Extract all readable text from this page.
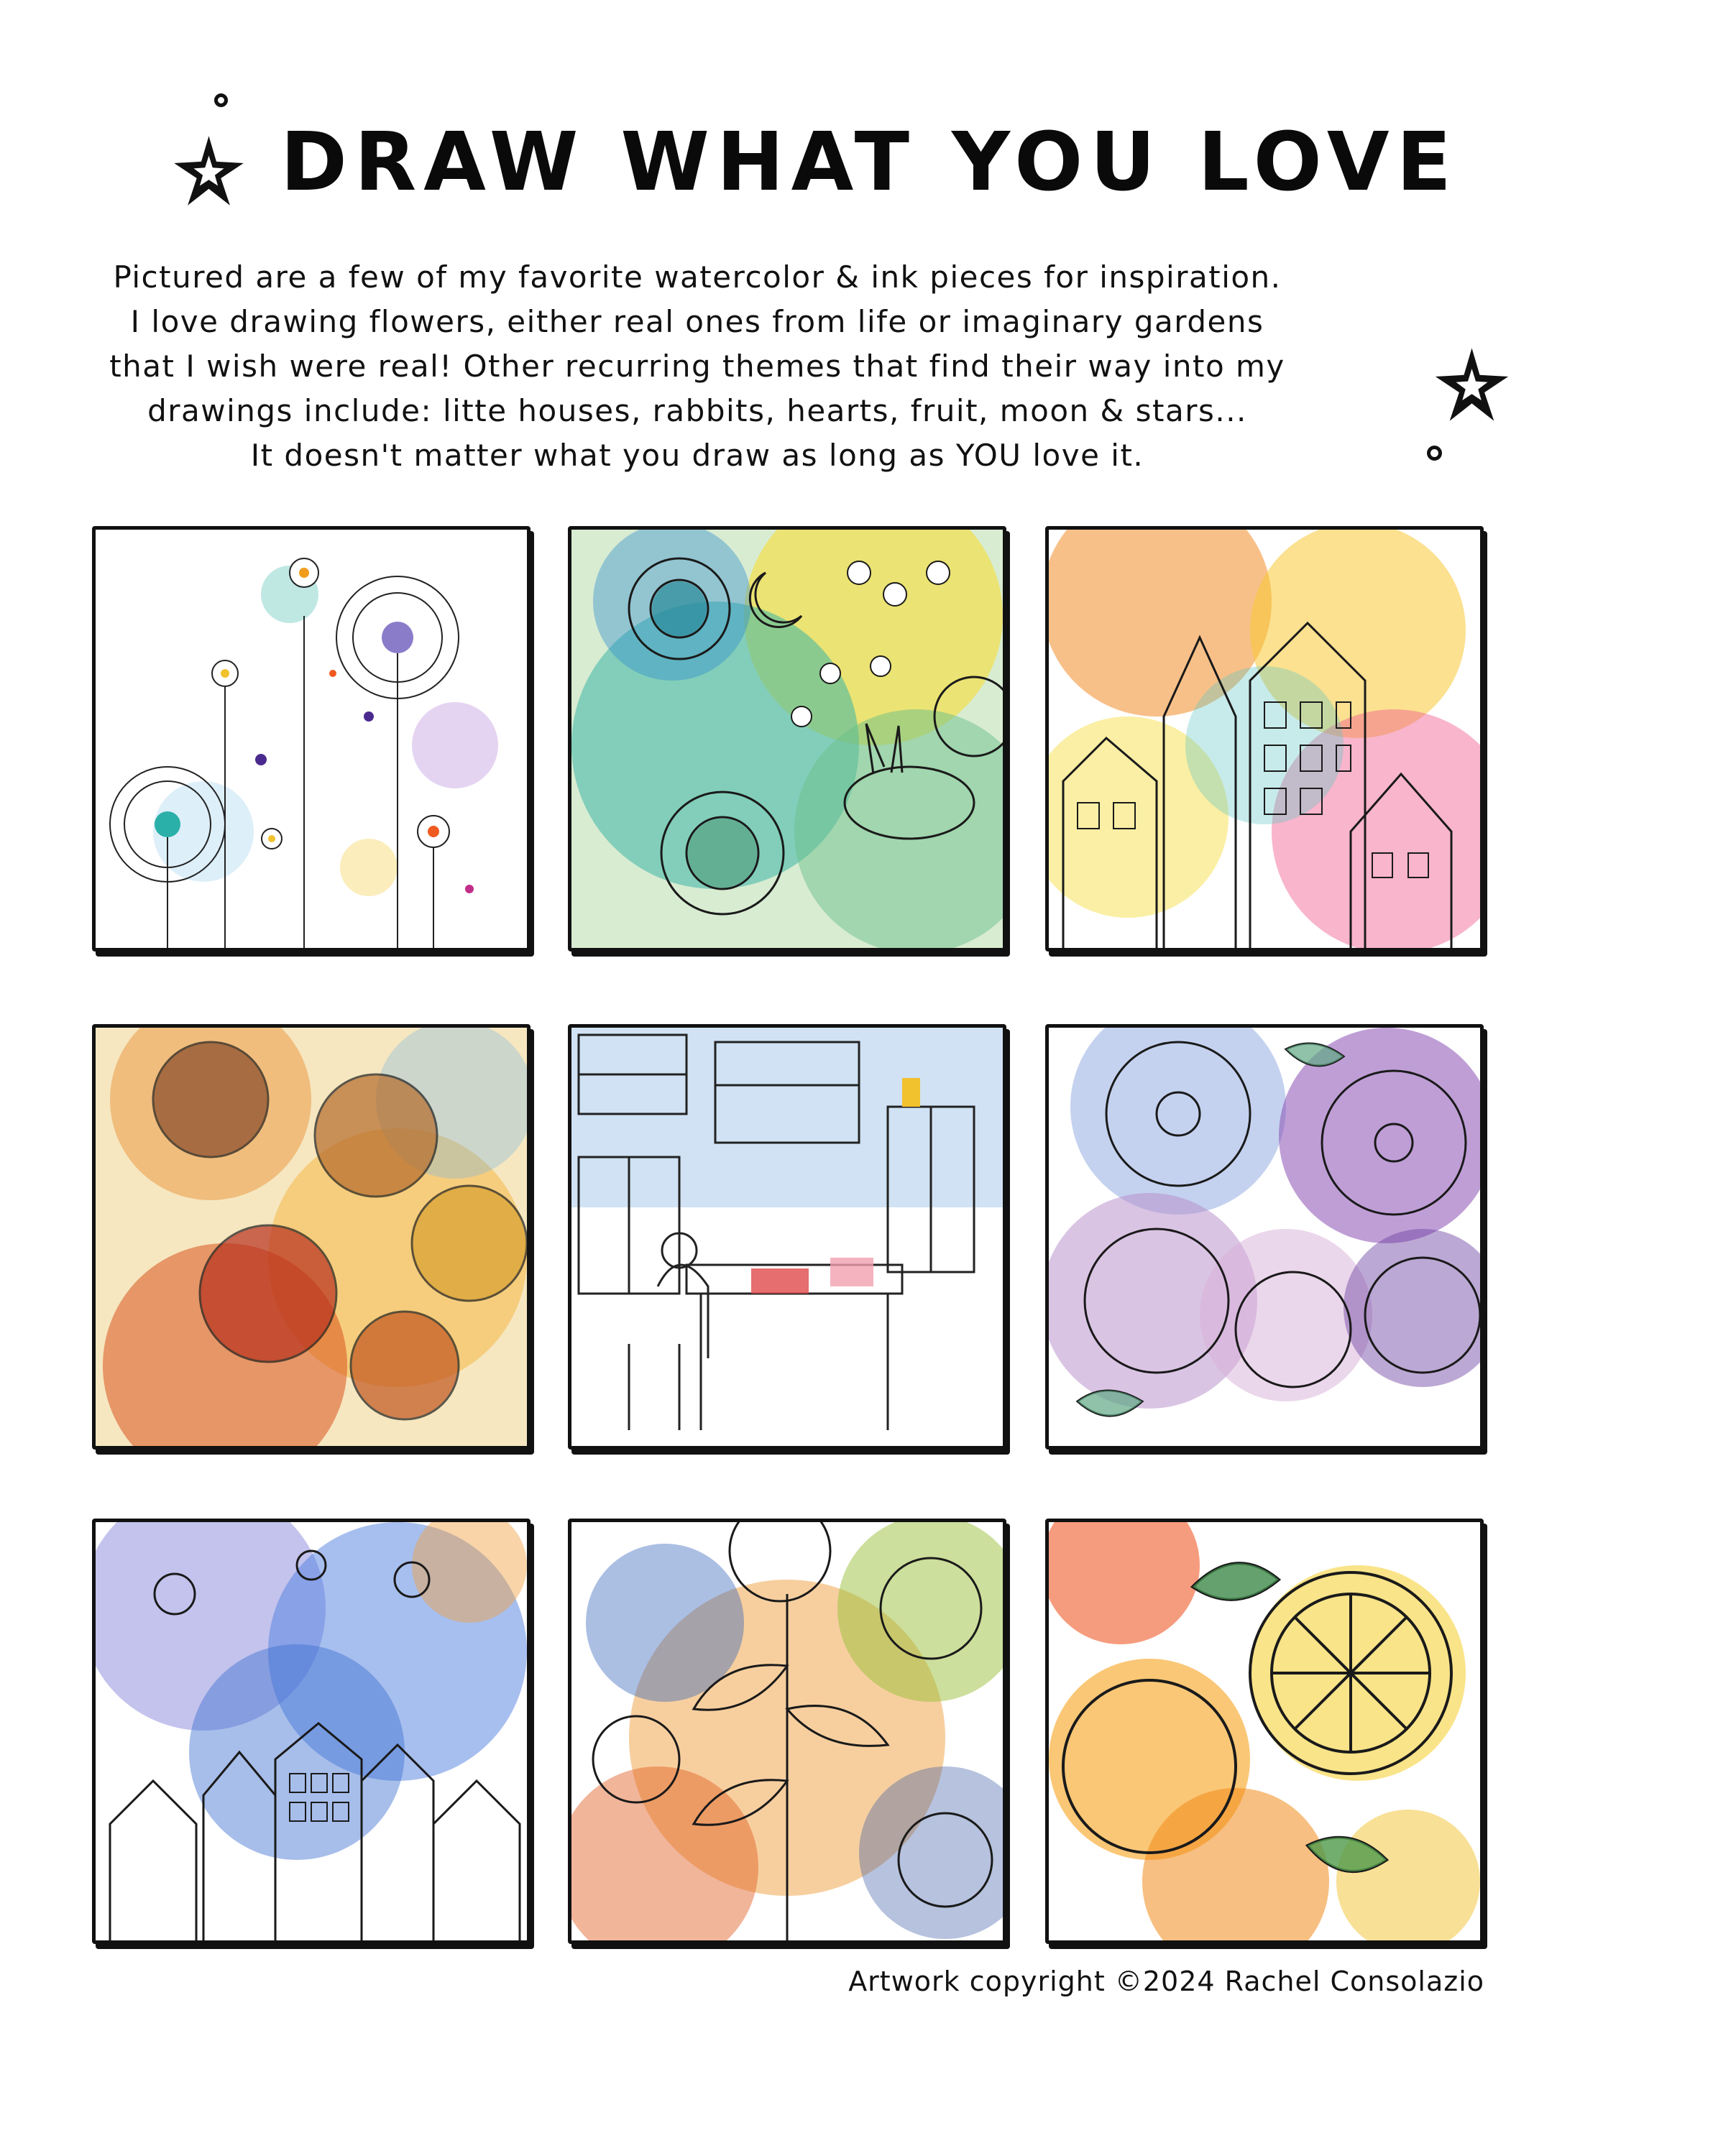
DRAW WHAT YOU LOVE

Pictured are a few of my favorite watercolor & ink pieces for inspiration.

I love drawing flowers, either real ones from life or imaginary gardens

that I wish were real! Other recurring themes that find their way into my

drawings include: litte houses, rabbits, hearts, fruit, moon & stars...

It doesn't matter what you draw as long as YOU love it.

Artwork copyright ©2024 Rachel Consolazio
